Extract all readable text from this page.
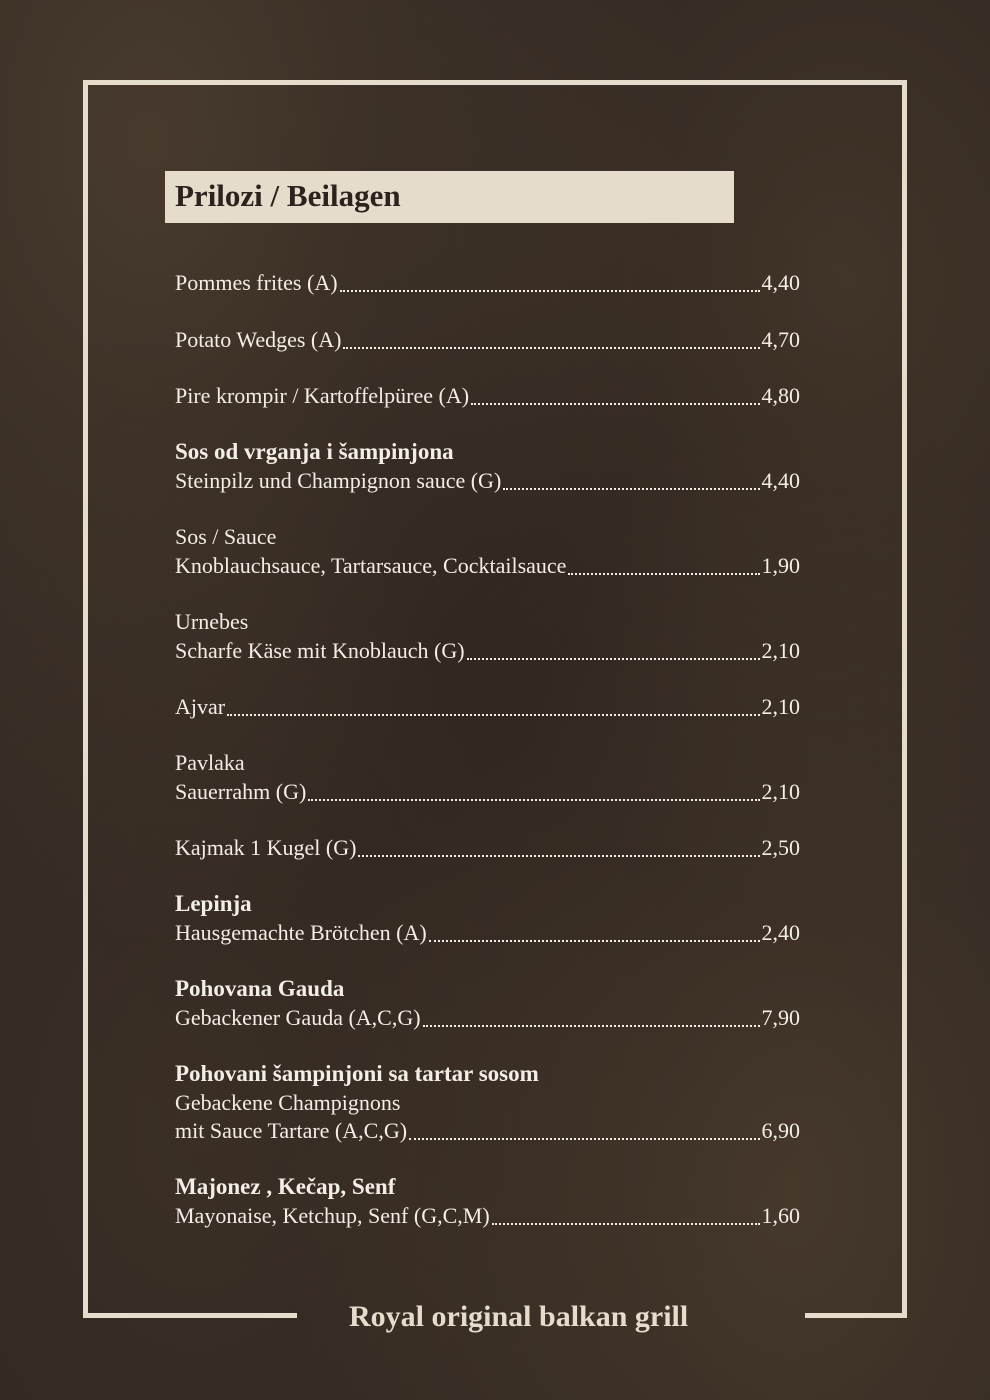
Prilozi / Beilagen
Pommes frites (A)	4,40
Potato Wedges (A)	4,70
Pire krompir / Kartoffelpüree (A)	4,80
Sos od vrganja i šampinjona
Steinpilz und Champignon sauce (G)	4,40
Sos / Sauce
Knoblauchsauce, Tartarsauce, Cocktailsauce	1,90
Urnebes
Scharfe Käse mit Knoblauch (G)	2,10
Ajvar	2,10
Pavlaka
Sauerrahm (G)	2,10
Kajmak 1 Kugel (G)	2,50
Lepinja
Hausgemachte Brötchen (A)	2,40
Pohovana Gauda
Gebackener Gauda (A,C,G)	7,90
Pohovani šampinjoni sa tartar sosom
Gebackene Champignons
mit Sauce Tartare (A,C,G)	6,90
Majonez , Kečap, Senf
Mayonaise, Ketchup, Senf (G,C,M)	1,60
Royal original balkan grill
